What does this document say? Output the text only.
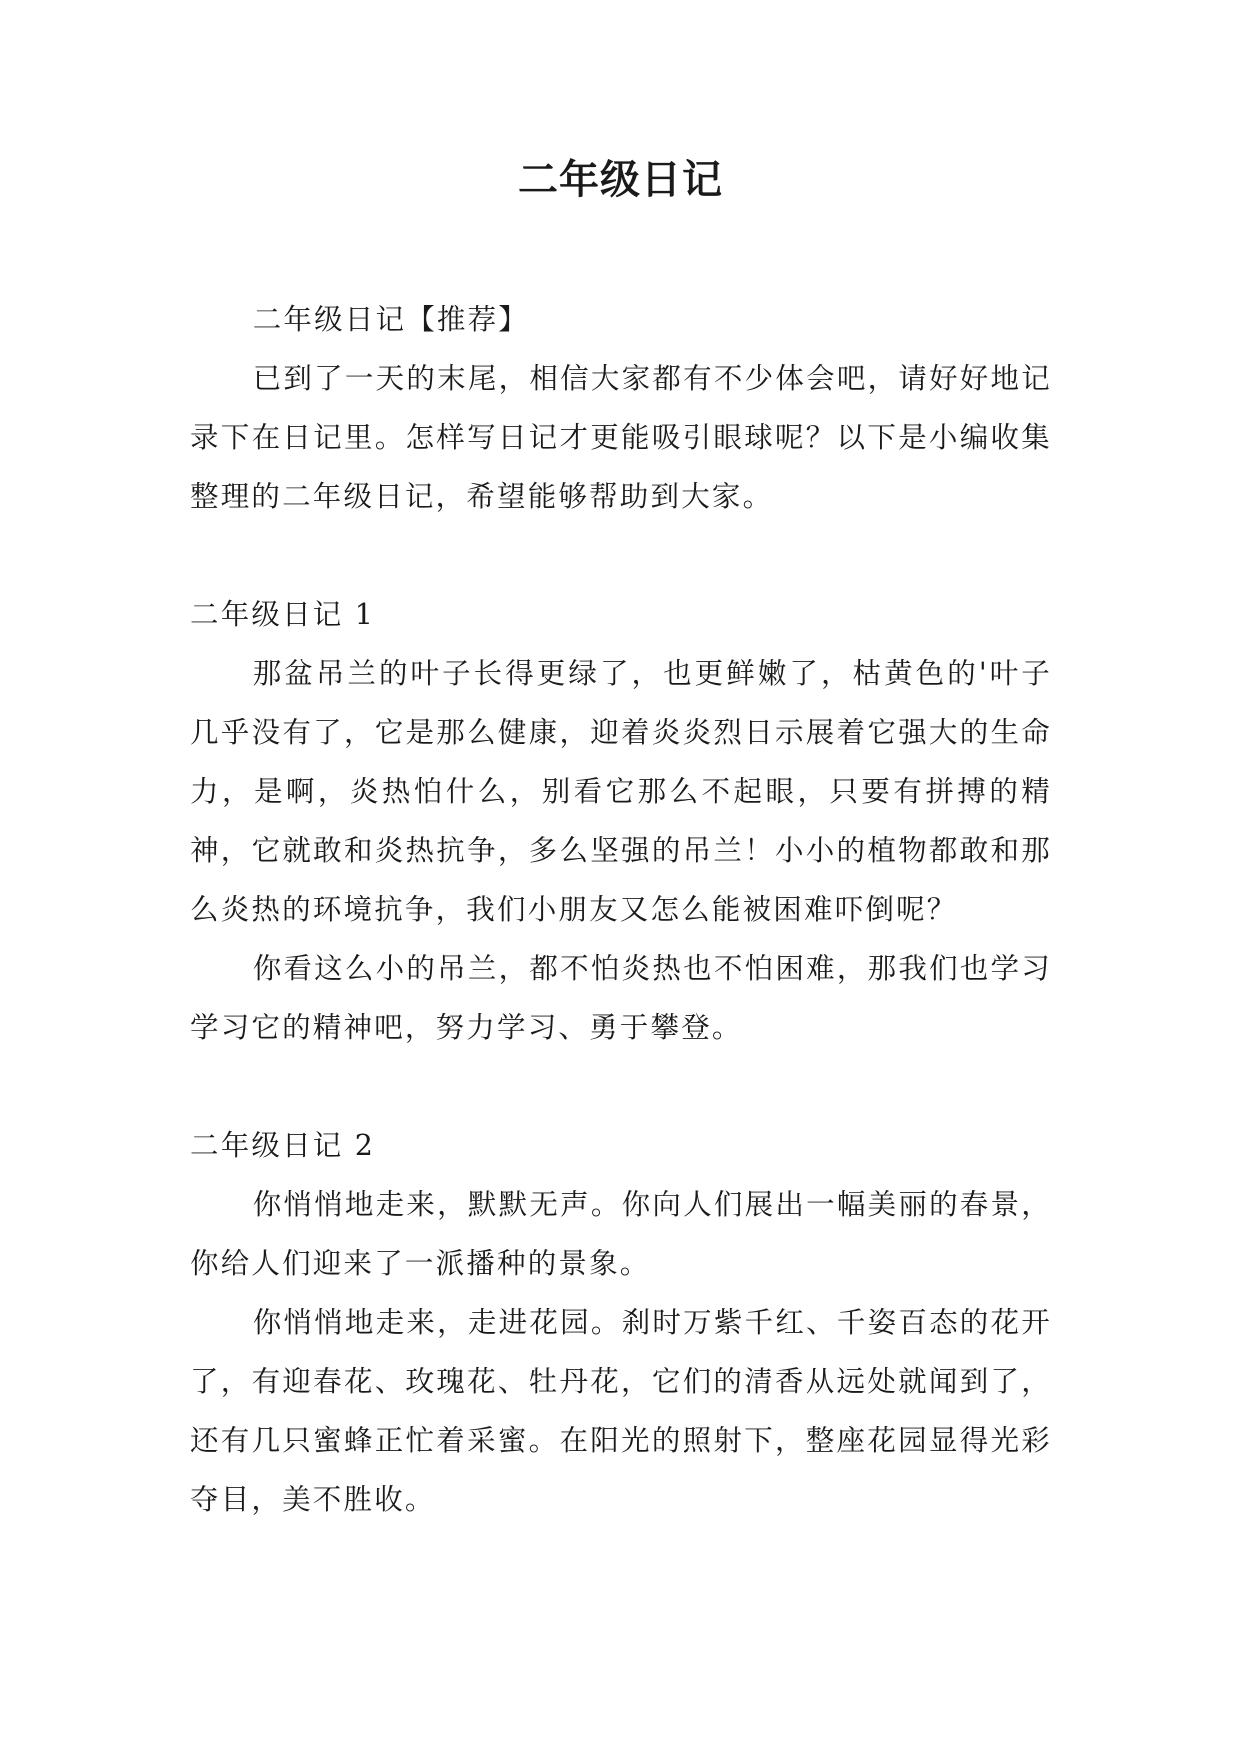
二年级日记

二年级日记【推荐】

已到了一天的末尾，相信大家都有不少体会吧，请好好地记录下在日记里。怎样写日记才更能吸引眼球呢？以下是小编收集整理的二年级日记，希望能够帮助到大家。

二年级日记 1

那盆吊兰的叶子长得更绿了，也更鲜嫩了，枯黄色的'叶子几乎没有了，它是那么健康，迎着炎炎烈日示展着它强大的生命力，是啊，炎热怕什么，别看它那么不起眼，只要有拼搏的精神，它就敢和炎热抗争，多么坚强的吊兰！小小的植物都敢和那么炎热的环境抗争，我们小朋友又怎么能被困难吓倒呢？

你看这么小的吊兰，都不怕炎热也不怕困难，那我们也学习学习它的精神吧，努力学习、勇于攀登。

二年级日记 2

你悄悄地走来，默默无声。你向人们展出一幅美丽的春景，你给人们迎来了一派播种的景象。

你悄悄地走来，走进花园。刹时万紫千红、千姿百态的花开了，有迎春花、玫瑰花、牡丹花，它们的清香从远处就闻到了，还有几只蜜蜂正忙着采蜜。在阳光的照射下，整座花园显得光彩夺目，美不胜收。
